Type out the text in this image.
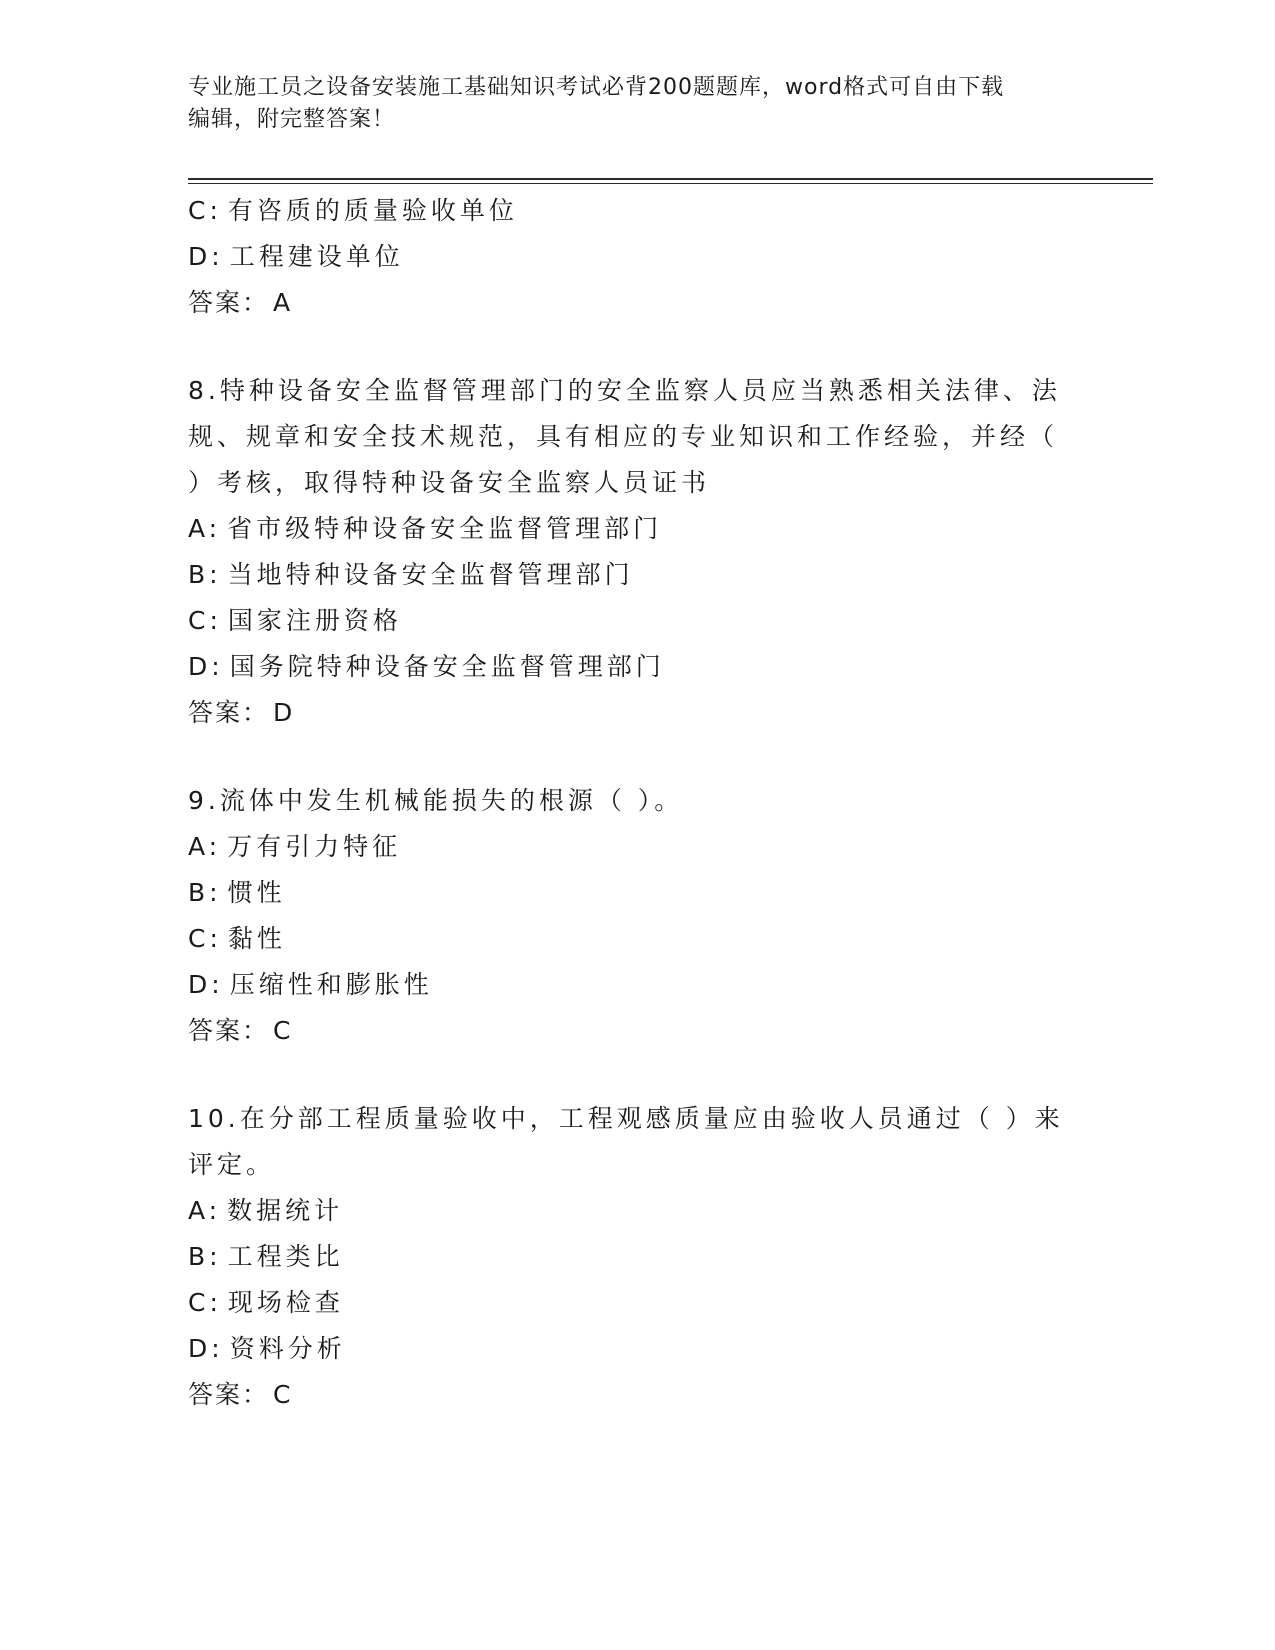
专业施工员之设备安装施工基础知识考试必背200题题库，word格式可自由下载
编辑，附完整答案！
C: 有咨质的质量验收单位
D: 工程建设单位
答案： A
8.特种设备安全监督管理部门的安全监察人员应当熟悉相关法律、法
规、规章和安全技术规范，具有相应的专业知识和工作经验，并经（
）考核，取得特种设备安全监察人员证书
A: 省市级特种设备安全监督管理部门
B: 当地特种设备安全监督管理部门
C: 国家注册资格
D: 国务院特种设备安全监督管理部门
答案： D
9.流体中发生机械能损失的根源（ ）。
A: 万有引力特征
B: 惯性
C: 黏性
D: 压缩性和膨胀性
答案： C
10.在分部工程质量验收中，工程观感质量应由验收人员通过（ ）来
评定。
A: 数据统计
B: 工程类比
C: 现场检查
D: 资料分析
答案： C
